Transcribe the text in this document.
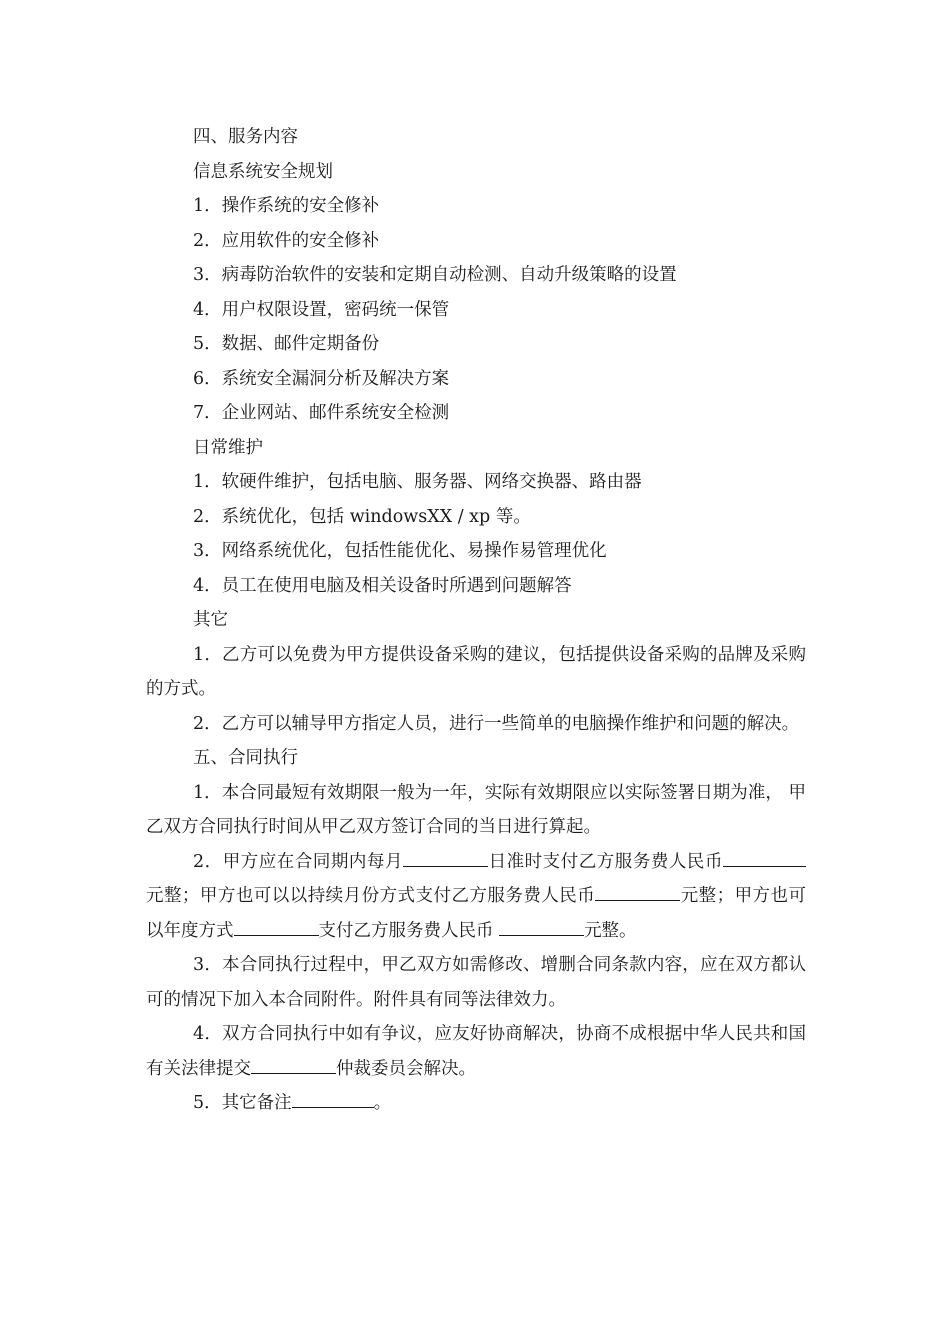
四、服务内容
信息系统安全规划
1．操作系统的安全修补
2．应用软件的安全修补
3．病毒防治软件的安装和定期自动检测、自动升级策略的设置
4．用户权限设置，密码统一保管
5．数据、邮件定期备份
6．系统安全漏洞分析及解决方案
7．企业网站、邮件系统安全检测
日常维护
1．软硬件维护，包括电脑、服务器、网络交换器、路由器
2．系统优化，包括 windowsXX / xp 等。
3．网络系统优化，包括性能优化、易操作易管理优化
4．员工在使用电脑及相关设备时所遇到问题解答
其它
1．乙方可以免费为甲方提供设备采购的建议，包括提供设备采购的品牌及采购的方式。
2．乙方可以辅导甲方指定人员，进行一些简单的电脑操作维护和问题的解决。
五、合同执行
1．本合同最短有效期限一般为一年，实际有效期限应以实际签署日期为准， 甲乙双方合同执行时间从甲乙双方签订合同的当日进行算起。
2．甲方应在合同期内每月	日准时支付乙方服务费人民币元整；甲方也可以以持续月份方式支付乙方服务费人民币	元整；甲方也可以年度方式	支付乙方服务费人民币	元整。
3．本合同执行过程中，甲乙双方如需修改、增删合同条款内容，应在双方都认可的情况下加入本合同附件。附件具有同等法律效力。
4．双方合同执行中如有争议，应友好协商解决，协商不成根据中华人民共和国有关法律提交	仲裁委员会解决。
5．其它备注	。
